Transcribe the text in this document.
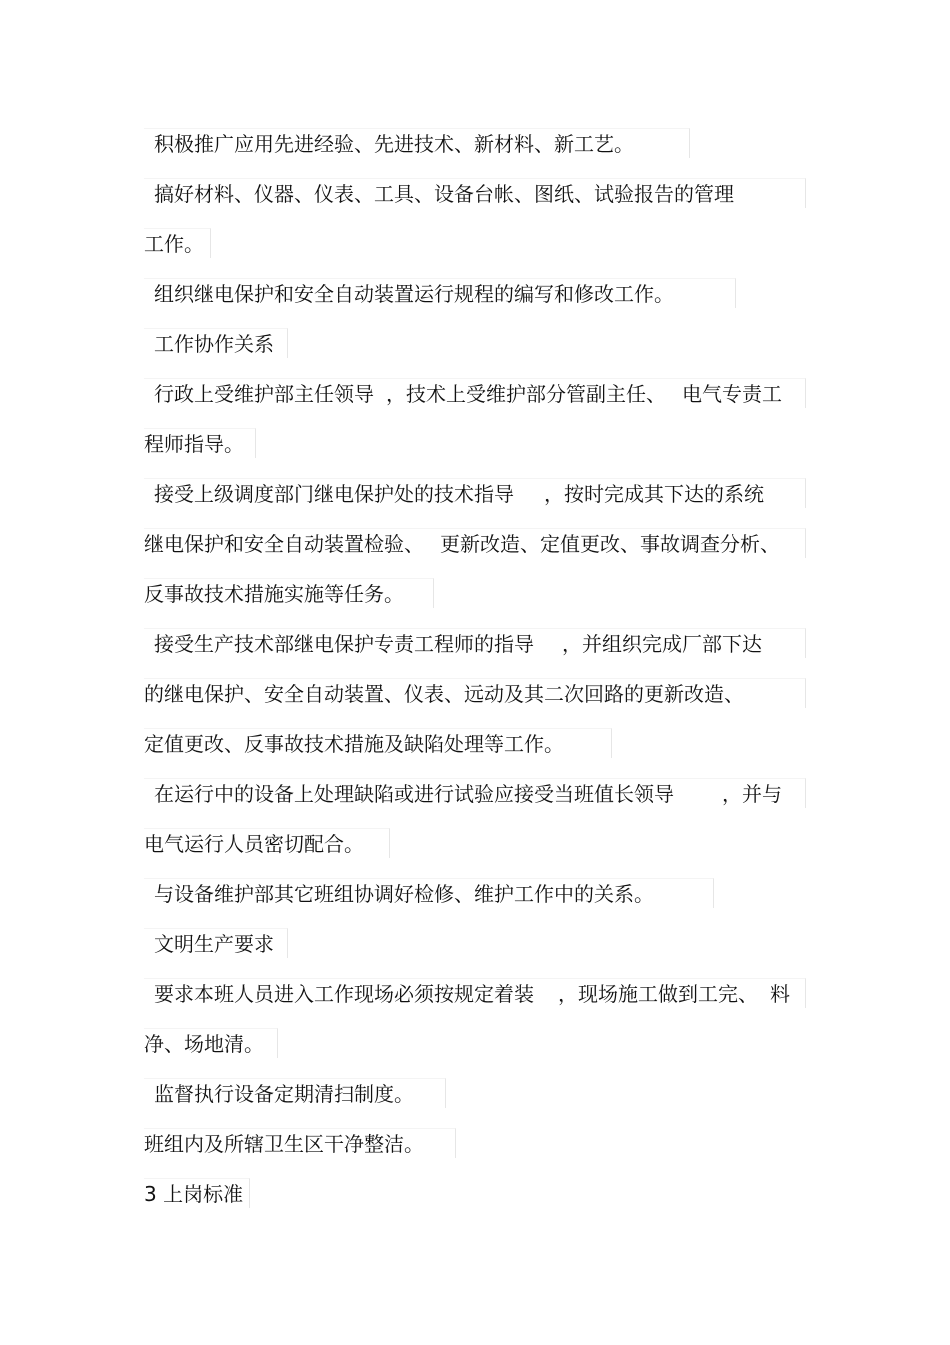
积极推广应用先进经验、先进技术、新材料、新工艺。
搞好材料、仪器、仪表、工具、设备台帐、图纸、试验报告的管理
工作。
组织继电保护和安全自动装置运行规程的编写和修改工作。
工作协作关系
行政上受维护部主任领导 ，技术上受维护部分管副主任、 电气专责工
程师指导。
接受上级调度部门继电保护处的技术指导 ，按时完成其下达的系统
继电保护和安全自动装置检验、 更新改造、定值更改、事故调查分析、
反事故技术措施实施等任务。
接受生产技术部继电保护专责工程师的指导 ，并组织完成厂部下达
的继电保护、安全自动装置、仪表、远动及其二次回路的更新改造、
定值更改、反事故技术措施及缺陷处理等工作。
在运行中的设备上处理缺陷或进行试验应接受当班值长领导 ，并与
电气运行人员密切配合。
与设备维护部其它班组协调好检修、维护工作中的关系。
文明生产要求
要求本班人员进入工作现场必须按规定着装 ，现场施工做到工完、 料
净、场地清。
监督执行设备定期清扫制度。
班组内及所辖卫生区干净整洁。
3 上岗标准
